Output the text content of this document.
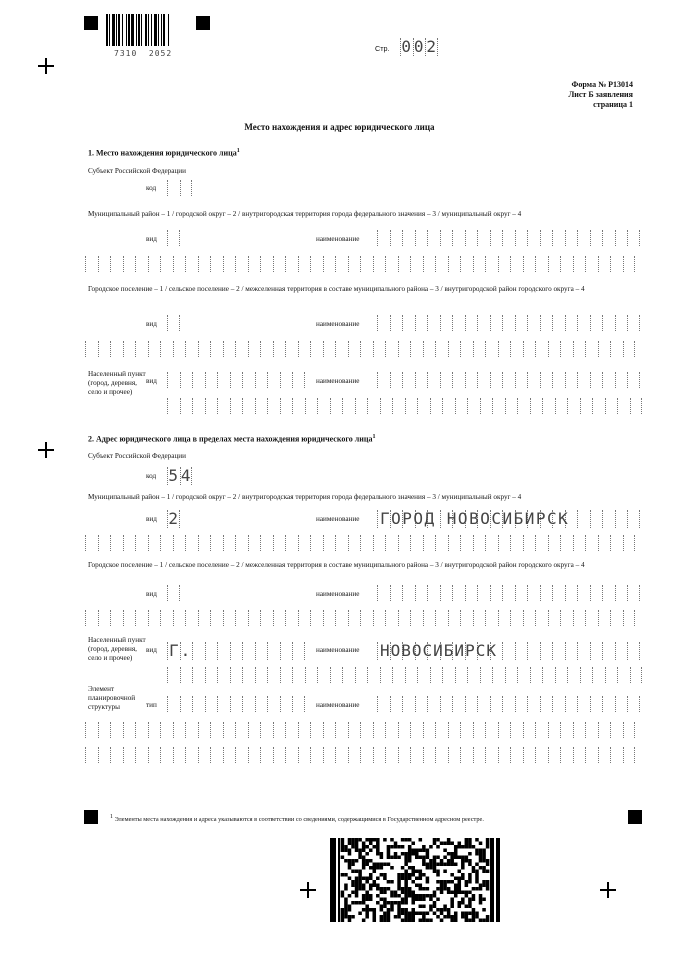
7310  2052
Стр. 0 0 2
Форма № Р13014
Лист Б заявления
страница 1
Место нахождения и адрес юридического лица
1. Место нахождения юридического лица$^1$
Субъект Российской Федерации
код
Муниципальный район – 1 / городской округ – 2 / внутригородская территория города федерального значения – 3 / муниципальный округ – 4
вид	наименование
Городское поселение – 1 / сельское поселение – 2 / межселенная территория в составе муниципального района – 3 / внутригородской район городского округа – 4
вид	наименование
Населенный пункт (город, деревня, село и прочее)
вид	наименование
2. Адрес юридического лица в пределах места нахождения юридического лица$^1$
Субъект Российской Федерации
код 5 4
Муниципальный район – 1 / городской округ – 2 / внутригородская территория города федерального значения – 3 / муниципальный округ – 4
вид 2	наименование ГОРОД НОВОСИБИРСК
Городское поселение – 1 / сельское поселение – 2 / межселенная территория в составе муниципального района – 3 / внутригородской район городского округа – 4
вид	наименование
Населенный пункт (город, деревня, село и прочее)
вид Г.	наименование НОВОСИБИРСК
Элемент планировочной структуры	тип	наименование
1 Элементы места нахождения и адреса указываются в соответствии со сведениями, содержащимися в Государственном адресном реестре.
